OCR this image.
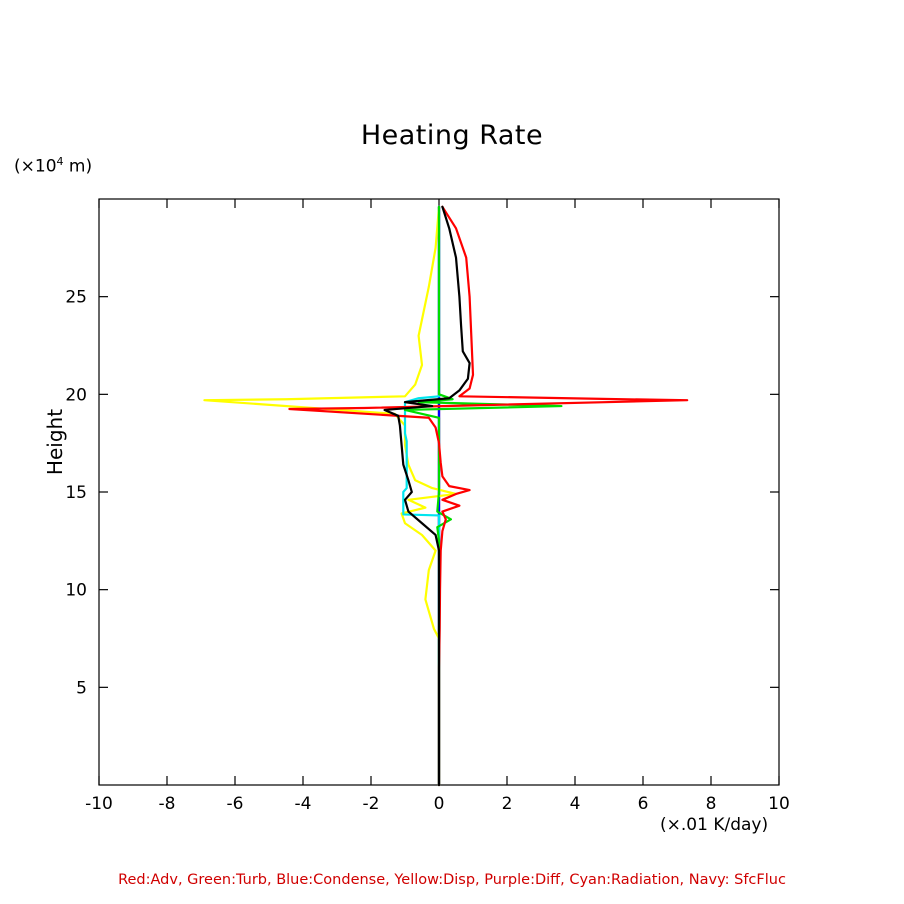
Heating Rate
($\times 10^4$ m)
Height
(×.01 K/day)
Red:Adv, Green:Turb, Blue:Condense, Yellow:Disp, Purple:Diff, Cyan:Radiation, Navy: SfcFluc
-10	-8	-6	-4	-2	0	2	4	6	8	10
5
10
15
20
25
